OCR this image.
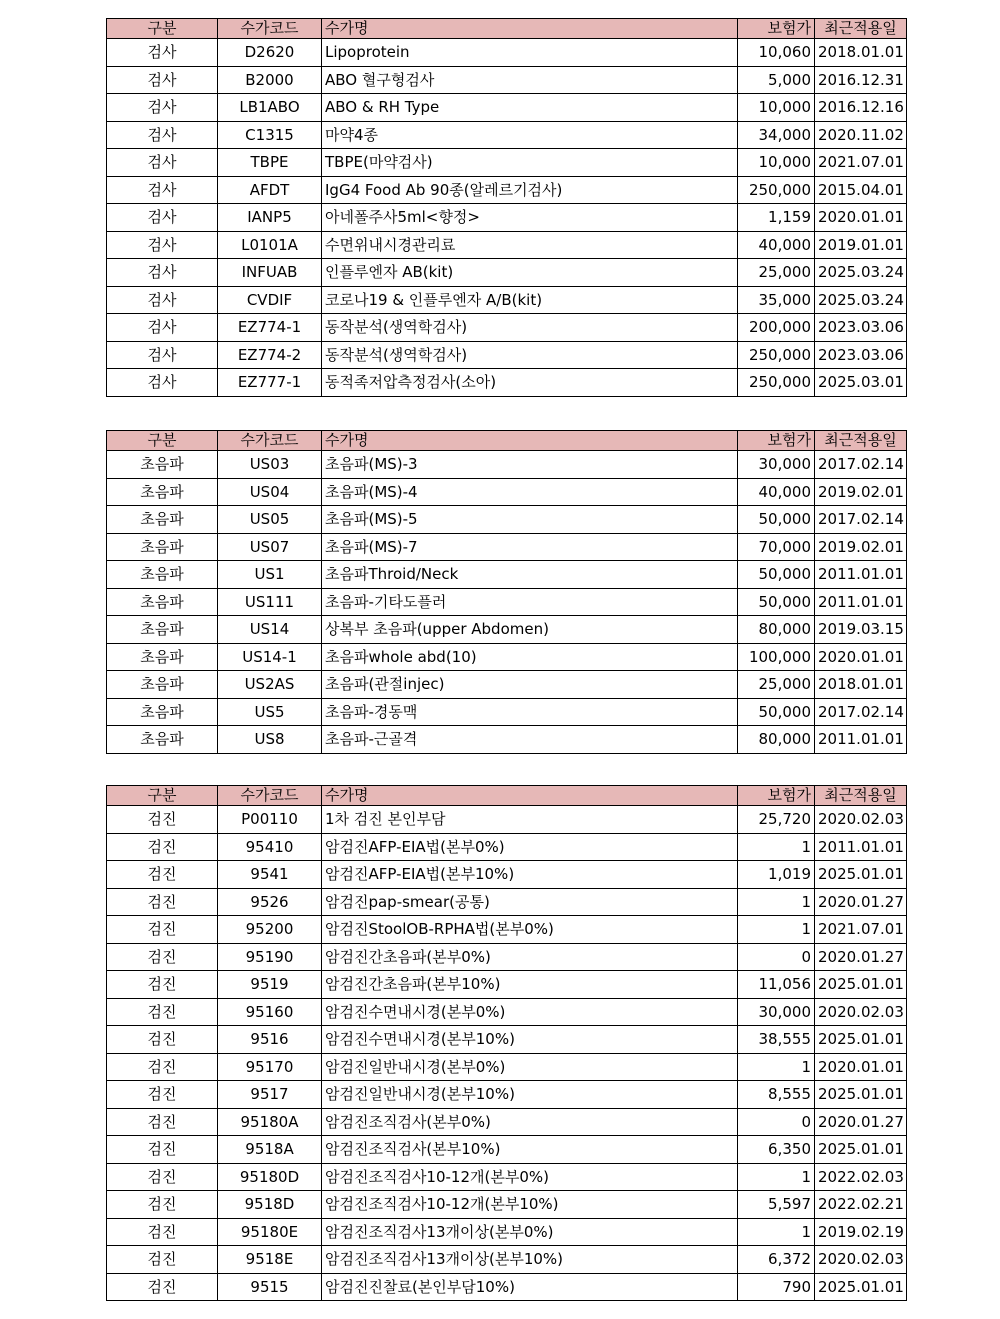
구분	수가코드	수가명	보험가	최근적용일
검사	D2620	Lipoprotein	10,060	2018.01.01
검사	B2000	ABO 혈구형검사	5,000	2016.12.31
검사	LB1ABO	ABO & RH Type	10,000	2016.12.16
검사	C1315	마약4종	34,000	2020.11.02
검사	TBPE	TBPE(마약검사)	10,000	2021.07.01
검사	AFDT	IgG4 Food Ab 90종(알레르기검사)	250,000	2015.04.01
검사	IANP5	아네폴주사5ml<향정>	1,159	2020.01.01
검사	L0101A	수면위내시경관리료	40,000	2019.01.01
검사	INFUAB	인플루엔자 AB(kit)	25,000	2025.03.24
검사	CVDIF	코로나19 & 인플루엔자 A/B(kit)	35,000	2025.03.24
검사	EZ774-1	동작분석(생역학검사)	200,000	2023.03.06
검사	EZ774-2	동작분석(생역학검사)	250,000	2023.03.06
검사	EZ777-1	동적족저압측정검사(소아)	250,000	2025.03.01
구분	수가코드	수가명	보험가	최근적용일
초음파	US03	초음파(MS)-3	30,000	2017.02.14
초음파	US04	초음파(MS)-4	40,000	2019.02.01
초음파	US05	초음파(MS)-5	50,000	2017.02.14
초음파	US07	초음파(MS)-7	70,000	2019.02.01
초음파	US1	초음파Throid/Neck	50,000	2011.01.01
초음파	US111	초음파-기타도플러	50,000	2011.01.01
초음파	US14	상복부 초음파(upper Abdomen)	80,000	2019.03.15
초음파	US14-1	초음파whole abd(10)	100,000	2020.01.01
초음파	US2AS	초음파(관절injec)	25,000	2018.01.01
초음파	US5	초음파-경동맥	50,000	2017.02.14
초음파	US8	초음파-근골격	80,000	2011.01.01
구분	수가코드	수가명	보험가	최근적용일
검진	P00110	1차 검진 본인부담	25,720	2020.02.03
검진	95410	암검진AFP-EIA법(본부0%)	1	2011.01.01
검진	9541	암검진AFP-EIA법(본부10%)	1,019	2025.01.01
검진	9526	암검진pap-smear(공통)	1	2020.01.27
검진	95200	암검진StoolOB-RPHA법(본부0%)	1	2021.07.01
검진	95190	암검진간초음파(본부0%)	0	2020.01.27
검진	9519	암검진간초음파(본부10%)	11,056	2025.01.01
검진	95160	암검진수면내시경(본부0%)	30,000	2020.02.03
검진	9516	암검진수면내시경(본부10%)	38,555	2025.01.01
검진	95170	암검진일반내시경(본부0%)	1	2020.01.01
검진	9517	암검진일반내시경(본부10%)	8,555	2025.01.01
검진	95180A	암검진조직검사(본부0%)	0	2020.01.27
검진	9518A	암검진조직검사(본부10%)	6,350	2025.01.01
검진	95180D	암검진조직검사10-12개(본부0%)	1	2022.02.03
검진	9518D	암검진조직검사10-12개(본부10%)	5,597	2022.02.21
검진	95180E	암검진조직검사13개이상(본부0%)	1	2019.02.19
검진	9518E	암검진조직검사13개이상(본부10%)	6,372	2020.02.03
검진	9515	암검진진찰료(본인부담10%)	790	2025.01.01
